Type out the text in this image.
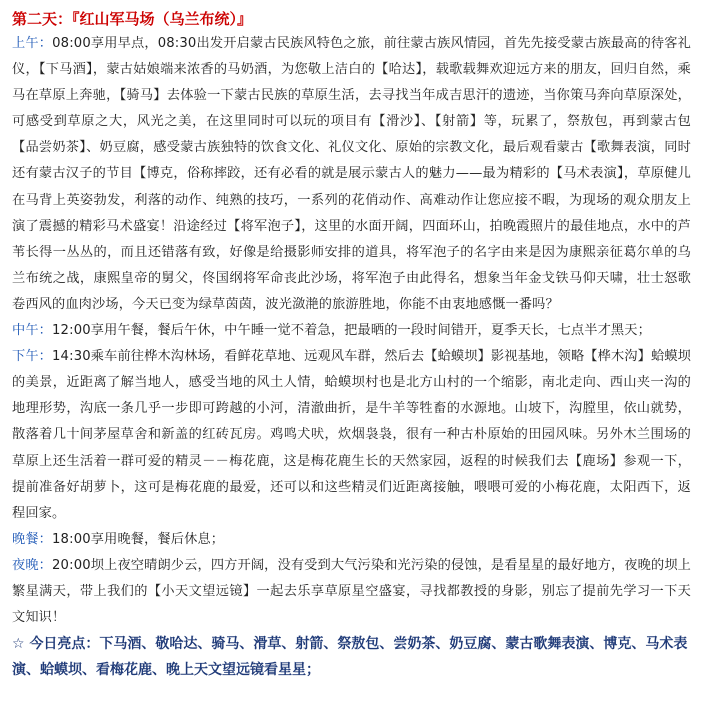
第二天：『红山军马场（乌兰布统）』

上午：08:00享用早点，08:30出发开启蒙古民族风特色之旅，前往蒙古族风情园，首先先接受蒙古族最高的待客礼仪，【下马酒】，蒙古姑娘端来浓香的马奶酒，为您敬上洁白的【哈达】，载歌载舞欢迎远方来的朋友，回归自然，乘马在草原上奔驰，【骑马】去体验一下蒙古民族的草原生活，去寻找当年成吉思汗的遗迹，当你策马奔向草原深处，可感受到草原之大，风光之美，在这里同时可以玩的项目有【滑沙】、【射箭】等，玩累了，祭敖包，再到蒙古包【品尝奶茶】、奶豆腐，感受蒙古族独特的饮食文化、礼仪文化、原始的宗教文化，最后观看蒙古【歌舞表演，同时还有蒙古汉子的节目【博克，俗称摔跤，还有必看的就是展示蒙古人的魅力——最为精彩的【马术表演】，草原健儿在马背上英姿勃发，利落的动作、纯熟的技巧，一系列的花俏动作、高难动作让您应接不暇，为现场的观众朋友上演了震撼的精彩马术盛宴！沿途经过【将军泡子】，这里的水面开阔，四面环山，拍晚霞照片的最佳地点，水中的芦苇长得一丛丛的，而且还错落有致，好像是给摄影师安排的道具，将军泡子的名字由来是因为康熙亲征葛尔单的乌兰布统之战，康熙皇帝的舅父，佟国纲将军命丧此沙场，将军泡子由此得名，想象当年金戈铁马仰天啸，壮士怒歌卷西风的血肉沙场，今天已变为绿草茵茵，波光潋滟的旅游胜地，你能不由衷地感慨一番吗？

中午：12:00享用午餐，餐后午休，中午睡一觉不着急，把最晒的一段时间错开，夏季天长，七点半才黑天；

下午：14:30乘车前往桦木沟林场，看鲜花草地、远观风车群，然后去【蛤蟆坝】影视基地，领略【桦木沟】蛤蟆坝的美景，近距离了解当地人，感受当地的风土人情，蛤蟆坝村也是北方山村的一个缩影，南北走向、西山夹一沟的地理形势，沟底一条几乎一步即可跨越的小河，清澈曲折，是牛羊等牲畜的水源地。山坡下，沟膛里，依山就势，散落着几十间茅屋草舍和新盖的红砖瓦房。鸡鸣犬吠，炊烟袅袅，很有一种古朴原始的田园风味。另外木兰围场的草原上还生活着一群可爱的精灵－－梅花鹿，这是梅花鹿生长的天然家园，返程的时候我们去【鹿场】参观一下，提前准备好胡萝卜，这可是梅花鹿的最爱，还可以和这些精灵们近距离接触，喂喂可爱的小梅花鹿，太阳西下，返程回家。

晚餐：18:00享用晚餐，餐后休息；

夜晚：20:00坝上夜空晴朗少云，四方开阔，没有受到大气污染和光污染的侵蚀，是看星星的最好地方，夜晚的坝上繁星满天，带上我们的【小天文望远镜】一起去乐享草原星空盛宴，寻找都教授的身影，别忘了提前先学习一下天文知识！

☆ 今日亮点：下马酒、敬哈达、骑马、滑草、射箭、祭敖包、尝奶茶、奶豆腐、蒙古歌舞表演、博克、马术表演、蛤蟆坝、看梅花鹿、晚上天文望远镜看星星；
